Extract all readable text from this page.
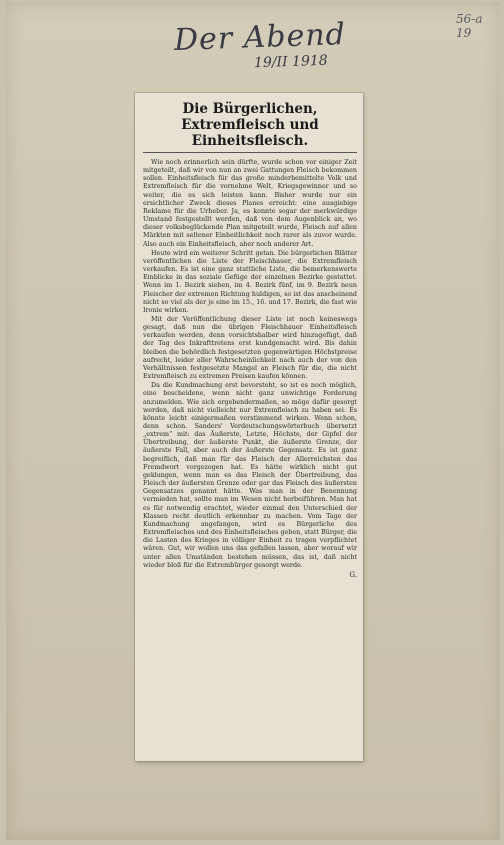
Der Abend
19/II 1918
56-a 19
Die Bürgerlichen, Extremfleisch und Einheitsfleisch.

Wie noch erinnerlich sein dürfte, wurde schon vor einiger Zeit mitgeteilt, daß wir von nun an zwei Gattungen Fleisch bekommen sollen. Einheitsfleisch für das große minderbemittelte Volk und Extremfleisch für die vornehme Welt, Kriegsgewinner und so weiter, die es sich leisten kann. Bisher wurde nur ein ersichtlicher Zweck dieses Planes erreicht: eine ausgiebige Reklame für die Urheber. Ja, es konnte sogar der merkwürdige Umstand festgestellt werden, daß von dem Augenblick an, wo dieser volksbeglückende Plan mitgeteilt wurde, Fleisch auf allen Märkten mit seltener Einheitlichkeit noch rarer als zuvor wurde. Also auch ein Einheitsfleisch, aber noch anderer Art.

Heute wird ein weiterer Schritt getan. Die bürgerlichen Blätter veröffentlichen die Liste der Fleischhauer, die Extremfleisch verkaufen. Es ist eine ganz stattliche Liste, die bemerkenswerte Einblicke in das soziale Gefüge der einzelnen Bezirke gestattet. Wenn im 1. Bezirk sieben, im 4. Bezirk fünf, im 9. Bezirk neun Fleischer der extremen Richtung huldigen, so ist das anscheinend nicht so viel als der je eine im 15., 16. und 17. Bezirk, die fast wie Ironie wirken.

Mit der Veröffentlichung dieser Liste ist noch keineswegs gesagt, daß nun die übrigen Fleischhauer Einheitsfleisch verkaufen werden, denn vorsichtshalber wird hinzugefügt, daß der Tag des Inkrafttretens erst kundgemacht wird. Bis dahin bleiben die behördlich festgesetzten gegenwärtigen Höchstpreise aufrecht, leider aller Wahrscheinlichkeit nach auch der von den Verhältnissen festgesetzte Mangel an Fleisch für die, die nicht Extremfleisch zu extremen Preisen kaufen können.

Da die Kundmachung erst bevorsteht, so ist es noch möglich, eine bescheidene, wenn nicht ganz unwichtige Forderung anzumelden. Wie sich ergebendermaßen, so möge dafür gesorgt werden, daß nicht vielleicht nur Extremfleisch zu haben sei. Es könnte leicht einigermaßen verstimmend wirken. Wenn schon, denn schon. Sanders' Verdeutschungswörterbuch übersetzt „extrem“ mit: das Äußerste, Letzte, Höchste, der Gipfel der Übertreibung, der äußerste Punkt, die äußerste Grenze, der äußerste Fall, aber auch der äußerste Gegensatz. Es ist ganz begreiflich, daß man für das Fleisch der Allerreichsten das Fremdwort vorgezogen hat. Es hätte wirklich nicht gut geklungen, wenn man es das Fleisch der Übertreibung, das Fleisch der äußersten Grenze oder gar das Fleisch des äußersten Gegensatzes genannt hätte. Was man in der Benennung vermieden hat, sollte man im Wesen nicht herbeiführen. Man hat es für notwendig erachtet, wieder einmal den Unterschied der Klassen recht deutlich erkennbar zu machen. Vom Tage der Kundmachung angefangen, wird es Bürgerliche des Extremfleisches und des Einheitsfleisches geben, statt Bürger, die die Lasten des Krieges in völliger Einheit zu tragen verpflichtet wären. Gut, wir wollen uns das gefallen lassen, aber worauf wir unter allen Umständen bestehen müssen, das ist, daß nicht wieder bloß für die Extrembürger gesorgt werde.

G.
